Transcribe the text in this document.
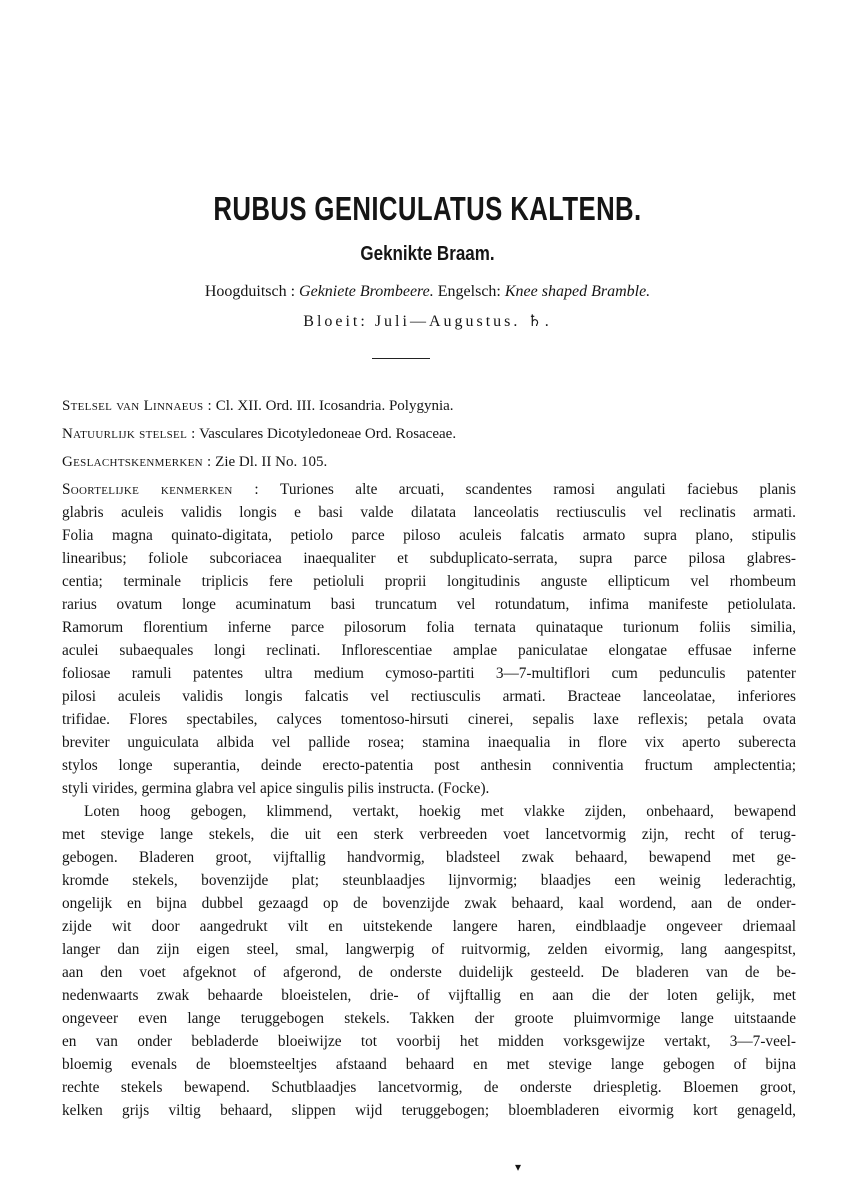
RUBUS GENICULATUS KALTENB.
Geknikte Braam.
Hoogduitsch : Gekniete Brombeere. Engelsch: Knee shaped Bramble.
Bloeit: Juli—Augustus. ♄.
Stelsel van Linnaeus : Cl. XII. Ord. III. Icosandria. Polygynia.
Natuurlijk stelsel : Vasculares Dicotyledoneae Ord. Rosaceae.
Geslachtskenmerken : Zie Dl. II No. 105.
Soortelijke kenmerken : Turiones alte arcuati, scandentes ramosi angulati faciebus planis
glabris aculeis validis longis e basi valde dilatata lanceolatis rectiusculis vel reclinatis armati.
Folia magna quinato-digitata, petiolo parce piloso aculeis falcatis armato supra plano, stipulis
linearibus; foliole subcoriacea inaequaliter et subduplicato-serrata, supra parce pilosa glabres-
centia; terminale triplicis fere petioluli proprii longitudinis anguste ellipticum vel rhombeum
rarius ovatum longe acuminatum basi truncatum vel rotundatum, infima manifeste petiolulata.
Ramorum florentium inferne parce pilosorum folia ternata quinataque turionum foliis similia,
aculei subaequales longi reclinati. Inflorescentiae amplae paniculatae elongatae effusae inferne
foliosae ramuli patentes ultra medium cymoso-partiti 3—7-multiflori cum pedunculis patenter
pilosi aculeis validis longis falcatis vel rectiusculis armati. Bracteae lanceolatae, inferiores
trifidae. Flores spectabiles, calyces tomentoso-hirsuti cinerei, sepalis laxe reflexis; petala ovata
breviter unguiculata albida vel pallide rosea; stamina inaequalia in flore vix aperto suberecta
stylos longe superantia, deinde erecto-patentia post anthesin conniventia fructum amplectentia;
styli virides, germina glabra vel apice singulis pilis instructa. (Focke).
Loten hoog gebogen, klimmend, vertakt, hoekig met vlakke zijden, onbehaard, bewapend
met stevige lange stekels, die uit een sterk verbreeden voet lancetvormig zijn, recht of terug-
gebogen. Bladeren groot, vijftallig handvormig, bladsteel zwak behaard, bewapend met ge-
kromde stekels, bovenzijde plat; steunblaadjes lijnvormig; blaadjes een weinig lederachtig,
ongelijk en bijna dubbel gezaagd op de bovenzijde zwak behaard, kaal wordend, aan de onder-
zijde wit door aangedrukt vilt en uitstekende langere haren, eindblaadje ongeveer driemaal
langer dan zijn eigen steel, smal, langwerpig of ruitvormig, zelden eivormig, lang aangespitst,
aan den voet afgeknot of afgerond, de onderste duidelijk gesteeld. De bladeren van de be-
nedenwaarts zwak behaarde bloeistelen, drie- of vijftallig en aan die der loten gelijk, met
ongeveer even lange teruggebogen stekels. Takken der groote pluimvormige lange uitstaande
en van onder bebladerde bloeiwijze tot voorbij het midden vorksgewijze vertakt, 3—7-veel-
bloemig evenals de bloemsteeltjes afstaand behaard en met stevige lange gebogen of bijna
rechte stekels bewapend. Schutblaadjes lancetvormig, de onderste driespletig. Bloemen groot,
kelken grijs viltig behaard, slippen wijd teruggebogen; bloembladeren eivormig kort genageld,
▾
